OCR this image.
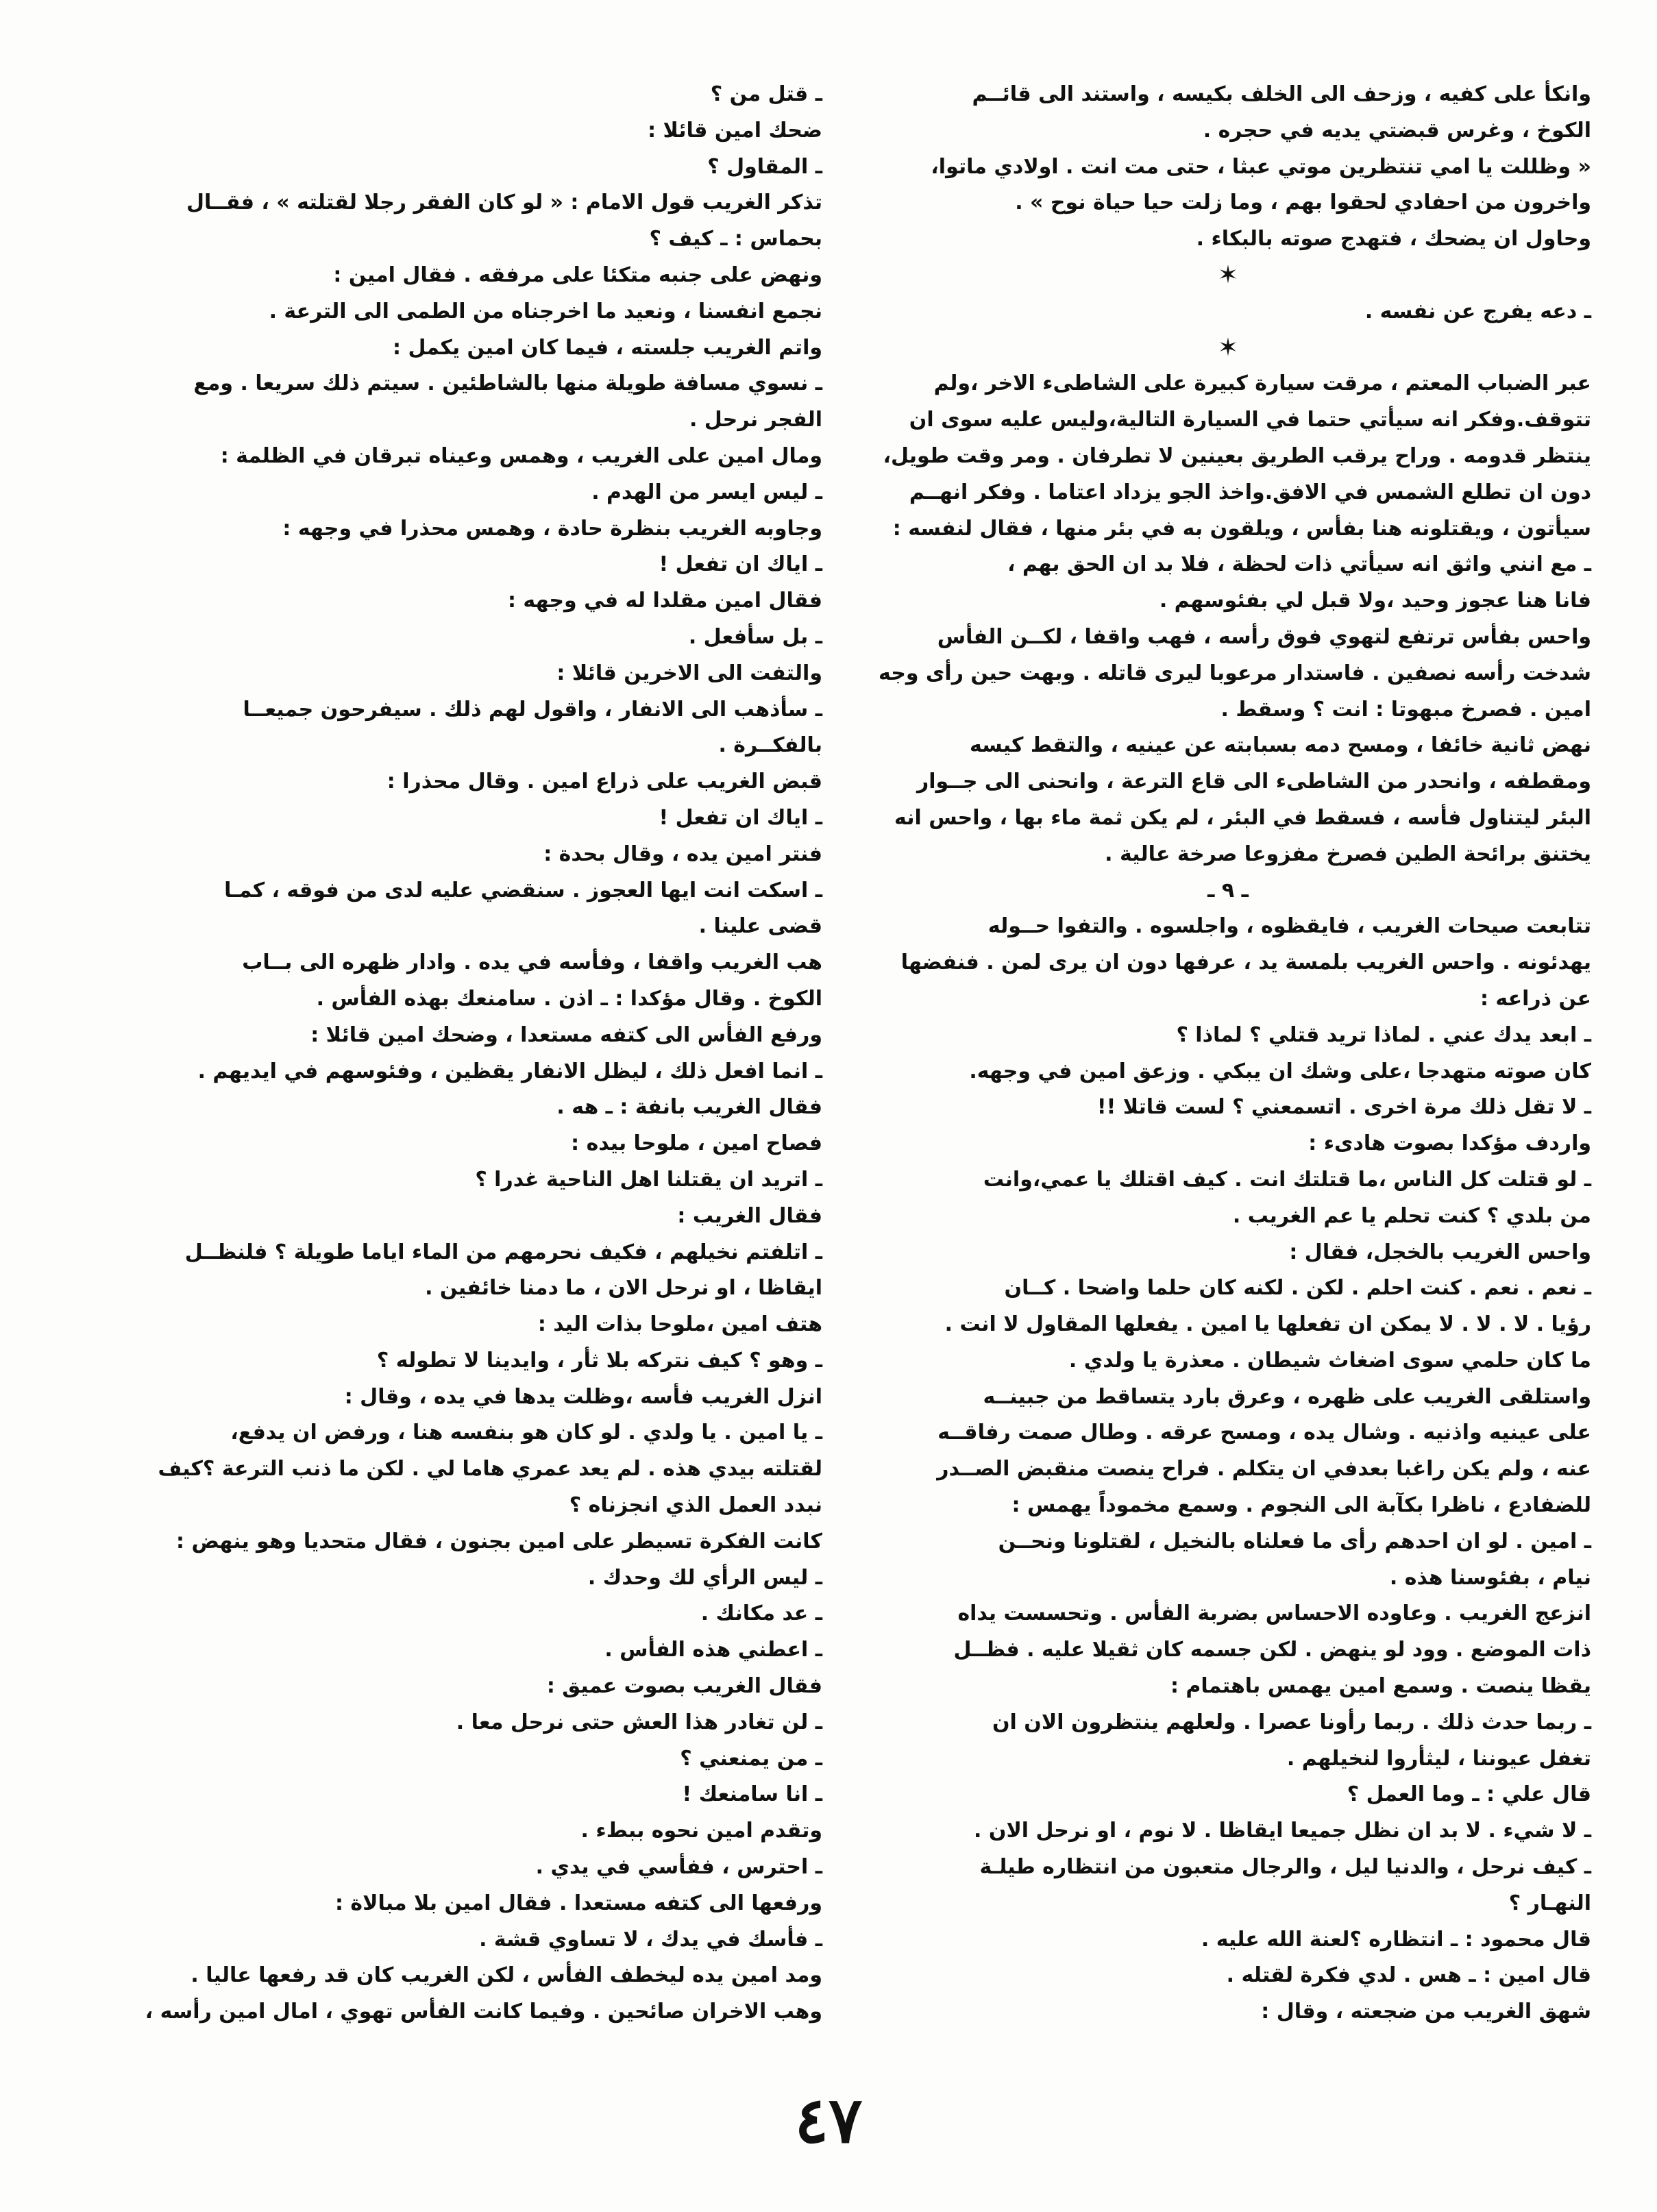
وانكأ على كفيه ، وزحف الى الخلف بكيسه ، واستند الى قائــم

الكوخ ، وغرس قبضتي يديه في حجره .

« وظللت يا امي تنتظرين موتي عبثا ، حتى مت انت . اولادي ماتوا،

واخرون من احفادي لحقوا بهم ، وما زلت حيا حياة نوح » .

وحاول ان يضحك ، فتهدج صوته بالبكاء .

✶

ـ دعه يفرج عن نفسه .

✶

عبر الضباب المعتم ، مرقت سيارة كبيرة على الشاطىء الاخر ،ولم

تتوقف.وفكر انه سيأتي حتما في السيارة التالية،وليس عليه سوى ان

ينتظر قدومه . وراح يرقب الطريق بعينين لا تطرفان . ومر وقت طويل،

دون ان تطلع الشمس في الافق.واخذ الجو يزداد اعتاما . وفكر انهــم

سيأتون ، ويقتلونه هنا بفأس ، ويلقون به في بئر منها ، فقال لنفسه :

ـ مع انني واثق انه سيأتي ذات لحظة ، فلا بد ان الحق بهم ،

فانا هنا عجوز وحيد ،ولا قبل لي بفئوسهم .

واحس بفأس ترتفع لتهوي فوق رأسه ، فهب واقفا ، لكــن الفأس

شدخت رأسه نصفين . فاستدار مرعوبا ليرى قاتله . وبهت حين رأى وجه

امين . فصرخ مبهوتا : انت ؟ وسقط .

نهض ثانية خائفا ، ومسح دمه بسبابته عن عينيه ، والتقط كيسه

ومقطفه ، وانحدر من الشاطىء الى قاع الترعة ، وانحنى الى جــوار

البئر ليتناول فأسه ، فسقط في البئر ، لم يكن ثمة ماء بها ، واحس انه

يختنق برائحة الطين فصرخ مفزوعا صرخة عالية .

ـ ٩ ـ

تتابعت صيحات الغريب ، فايقظوه ، واجلسوه . والتفوا حــوله

يهدئونه . واحس الغريب بلمسة يد ، عرفها دون ان يرى لمن . فنفضها

عن ذراعه :

ـ ابعد يدك عني . لماذا تريد قتلي ؟ لماذا ؟

كان صوته متهدجا ،على وشك ان يبكي . وزعق امين في وجهه.

ـ لا تقل ذلك مرة اخرى . اتسمعني ؟ لست قاتلا !!

واردف مؤكدا بصوت هادىء :

ـ لو قتلت كل الناس ،ما قتلتك انت . كيف اقتلك يا عمي،وانت

من بلدي ؟ كنت تحلم يا عم الغريب .

واحس الغريب بالخجل، فقال :

ـ نعم . نعم . كنت احلم . لكن . لكنه كان حلما واضحا . كــان

رؤيا . لا . لا . لا يمكن ان تفعلها يا امين . يفعلها المقاول لا انت .

ما كان حلمي سوى اضغاث شيطان . معذرة يا ولدي .

واستلقى الغريب على ظهره ، وعرق بارد يتساقط من جبينــه

على عينيه واذنيه . وشال يده ، ومسح عرقه . وطال صمت رفاقــه

عنه ، ولم يكن راغبا بعدفي ان يتكلم . فراح ينصت منقبض الصــدر

للضفادع ، ناظرا بكآبة الى النجوم . وسمع مخموداً يهمس :

ـ امين . لو ان احدهم رأى ما فعلناه بالنخيل ، لقتلونا ونحــن

نيام ، بفئوسنا هذه .

انزعج الغريب . وعاوده الاحساس بضربة الفأس . وتحسست يداه

ذات الموضع . وود لو ينهض . لكن جسمه كان ثقيلا عليه . فظــل

يقظا ينصت . وسمع امين يهمس باهتمام :

ـ ربما حدث ذلك . ربما رأونا عصرا . ولعلهم ينتظرون الان ان

تغفل عيوننا ، ليثأروا لنخيلهم .

قال علي : ـ وما العمل ؟

ـ لا شيء . لا بد ان نظل جميعا ايقاظا . لا نوم ، او نرحل الان .

ـ كيف نرحل ، والدنيا ليل ، والرجال متعبون من انتظاره طيلـة

النهـار ؟

قال محمود : ـ انتظاره ؟لعنة الله عليه .

قال امين : ـ هس . لدي فكرة لقتله .

شهق الغريب من ضجعته ، وقال :

ـ قتل من ؟

ضحك امين قائلا :

ـ المقاول ؟

تذكر الغريب قول الامام : « لو كان الفقر رجلا لقتلته » ، فقــال

بحماس : ـ كيف ؟

ونهض على جنبه متكئا على مرفقه . فقال امين :

نجمع انفسنا ، ونعيد ما اخرجناه من الطمى الى الترعة .

واتم الغريب جلسته ، فيما كان امين يكمل :

ـ نسوي مسافة طويلة منها بالشاطئين . سيتم ذلك سريعا . ومع

الفجر نرحل .

ومال امين على الغريب ، وهمس وعيناه تبرقان في الظلمة :

ـ ليس ايسر من الهدم .

وجاوبه الغريب بنظرة حادة ، وهمس محذرا في وجهه :

ـ اياك ان تفعل !

فقال امين مقلدا له في وجهه :

ـ بل سأفعل .

والتفت الى الاخرين قائلا :

ـ سأذهب الى الانفار ، واقول لهم ذلك . سيفرحون جميعــا

بالفكــرة .

قبض الغريب على ذراع امين . وقال محذرا :

ـ اياك ان تفعل !

فنتر امين يده ، وقال بحدة :

ـ اسكت انت ايها العجوز . سنقضي عليه لدى من فوقه ، كمـا

قضى علينا .

هب الغريب واقفا ، وفأسه في يده . وادار ظهره الى بــاب

الكوخ . وقال مؤكدا : ـ اذن . سامنعك بهذه الفأس .

ورفع الفأس الى كتفه مستعدا ، وضحك امين قائلا :

ـ انما افعل ذلك ، ليظل الانفار يقظين ، وفئوسهم في ايديهم .

فقال الغريب بانفة : ـ هه .

فصاح امين ، ملوحا بيده :

ـ اتريد ان يقتلنا اهل الناحية غدرا ؟

فقال الغريب :

ـ اتلفتم نخيلهم ، فكيف نحرمهم من الماء اياما طويلة ؟ فلنظــل

ايقاظا ، او نرحل الان ، ما دمنا خائفين .

هتف امين ،ملوحا بذات اليد :

ـ وهو ؟ كيف نتركه بلا ثأر ، وايدينا لا تطوله ؟

انزل الغريب فأسه ،وظلت يدها في يده ، وقال :

ـ يا امين . يا ولدي . لو كان هو بنفسه هنا ، ورفض ان يدفع،

لقتلته بيدي هذه . لم يعد عمري هاما لي . لكن ما ذنب الترعة ؟كيف

نبدد العمل الذي انجزناه ؟

كانت الفكرة تسيطر على امين بجنون ، فقال متحديا وهو ينهض :

ـ ليس الرأي لك وحدك .

ـ عد مكانك .

ـ اعطني هذه الفأس .

فقال الغريب بصوت عميق :

ـ لن تغادر هذا العش حتى نرحل معا .

ـ من يمنعني ؟

ـ انا سامنعك !

وتقدم امين نحوه ببطء .

ـ احترس ، ففأسي في يدي .

ورفعها الى كتفه مستعدا . فقال امين بلا مبالاة :

ـ فأسك في يدك ، لا تساوي قشة .

ومد امين يده ليخطف الفأس ، لكن الغريب كان قد رفعها عاليا .

وهب الاخران صائحين . وفيما كانت الفأس تهوي ، امال امين رأسه ،

٤٧
